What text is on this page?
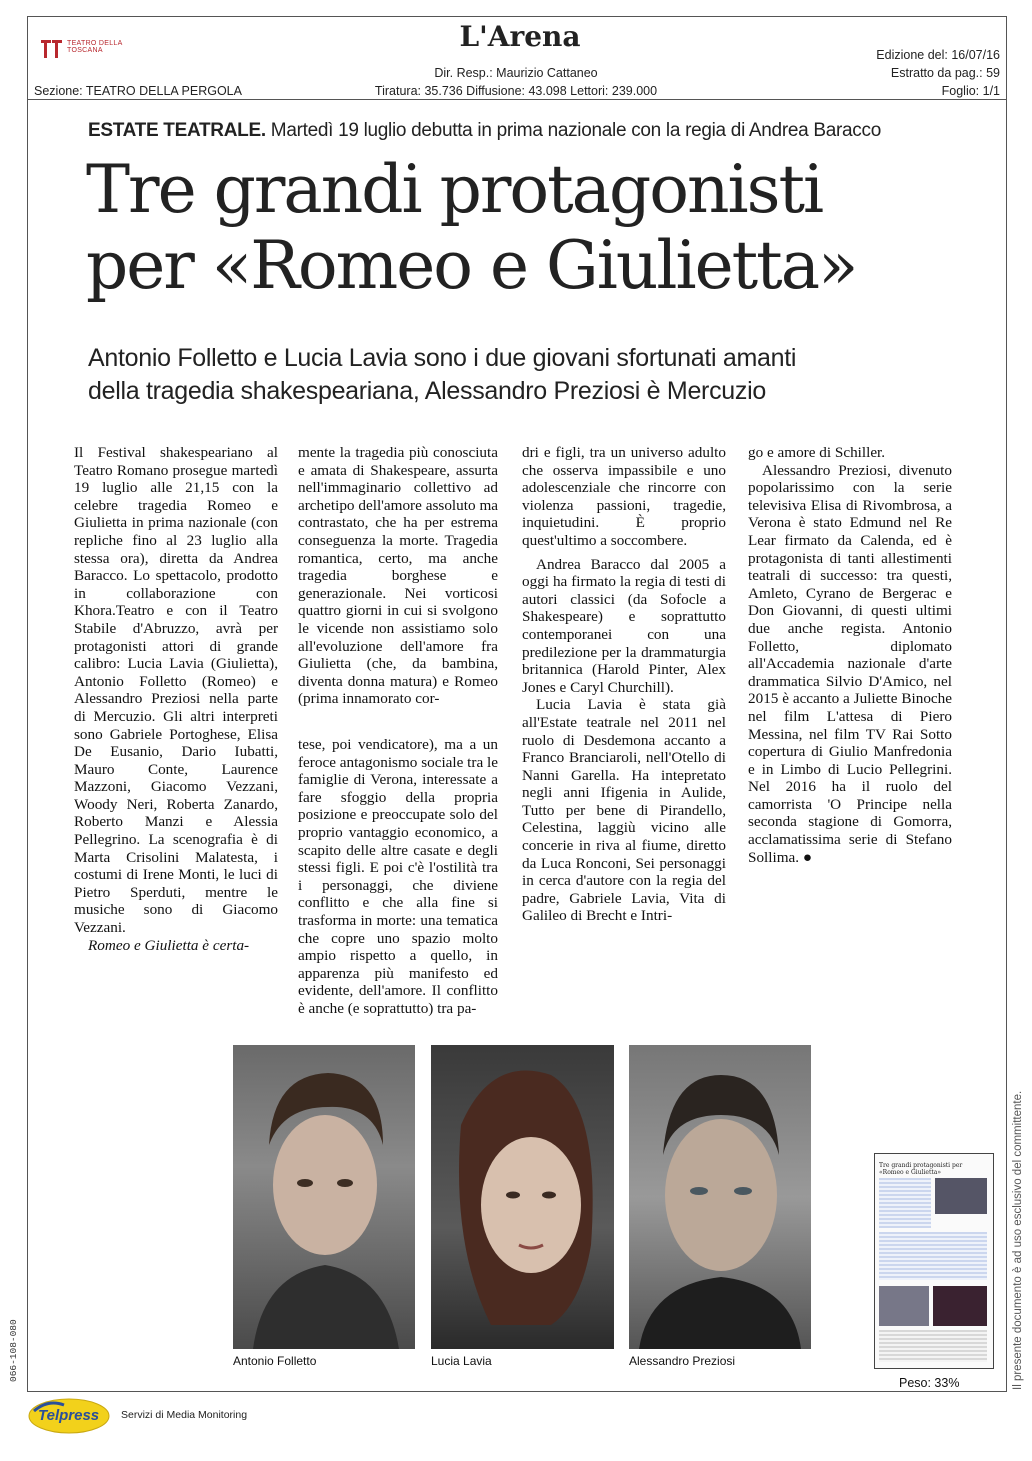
TEATRO DELLA TOSCANA	L'Arena
Dir. Resp.: Maurizio Cattaneo
Tiratura: 35.736 Diffusione: 43.098 Lettori: 239.000
Sezione: TEATRO DELLA PERGOLA
Edizione del: 16/07/16
Estratto da pag.: 59
Foglio: 1/1
ESTATE TEATRALE. Martedì 19 luglio debutta in prima nazionale con la regia di Andrea Baracco
Tre grandi protagonisti
per «Romeo e Giulietta»
Antonio Folletto e Lucia Lavia sono i due giovani sfortunati amanti
della tragedia shakespeariana, Alessandro Preziosi è Mercuzio

Il Festival shakespeariano al Teatro Romano prosegue martedì 19 luglio alle 21,15 con la celebre tragedia Romeo e Giulietta in prima nazionale (con repliche fino al 23 luglio alla stessa ora), diretta da Andrea Baracco. Lo spettacolo, prodotto in collaborazione con Khora.Teatro e con il Teatro Stabile d'Abruzzo, avrà per protagonisti attori di grande calibro: Lucia Lavia (Giulietta), Antonio Folletto (Romeo) e Alessandro Preziosi nella parte di Mercuzio. Gli altri interpreti sono Gabriele Portoghese, Elisa De Eusanio, Dario Iubatti, Mauro Conte, Laurence Mazzoni, Giacomo Vezzani, Woody Neri, Roberta Zanardo, Roberto Manzi e Alessia Pellegrino. La scenografia è di Marta Crisolini Malatesta, i costumi di Irene Monti, le luci di Pietro Sperduti, mentre le musiche sono di Giacomo Vezzani.

Romeo e Giulietta è certa-

mente la tragedia più conosciuta e amata di Shakespeare, assurta nell'immaginario collettivo ad archetipo dell'amore assoluto ma contrastato, che ha per estrema conseguenza la morte. Tragedia romantica, certo, ma anche tragedia borghese e generazionale. Nei vorticosi quattro giorni in cui si svolgono le vicende non assistiamo solo all'evoluzione dell'amore fra Giulietta (che, da bambina, diventa donna matura) e Romeo (prima innamorato cor-

tese, poi vendicatore), ma a un feroce antagonismo sociale tra le famiglie di Verona, interessate a fare sfoggio della propria posizione e preoccupate solo del proprio vantaggio economico, a scapito delle altre casate e degli stessi figli. E poi c'è l'ostilità tra i personaggi, che diviene conflitto e che alla fine si trasforma in morte: una tematica che copre uno spazio molto ampio rispetto a quello, in apparenza più manifesto ed evidente, dell'amore. Il conflitto è anche (e soprattutto) tra pa-

dri e figli, tra un universo adulto che osserva impassibile e uno adolescenziale che rincorre con violenza passioni, tragedie, inquietudini. È proprio quest'ultimo a soccombere.

Andrea Baracco dal 2005 a oggi ha firmato la regia di testi di autori classici (da Sofocle a Shakespeare) e soprattutto contemporanei con una predilezione per la drammaturgia britannica (Harold Pinter, Alex Jones e Caryl Churchill).

Lucia Lavia è stata già all'Estate teatrale nel 2011 nel ruolo di Desdemona accanto a Franco Branciaroli, nell'Otello di Nanni Garella. Ha intepretato negli anni Ifigenia in Aulide, Tutto per bene di Pirandello, Celestina, laggiù vicino alle concerie in riva al fiume, diretto da Luca Ronconi, Sei personaggi in cerca d'autore con la regia del padre, Gabriele Lavia, Vita di Galileo di Brecht e Intri-

go e amore di Schiller.

Alessandro Preziosi, divenuto popolarissimo con la serie televisiva Elisa di Rivombrosa, a Verona è stato Edmund nel Re Lear firmato da Calenda, ed è protagonista di tanti allestimenti teatrali di successo: tra questi, Amleto, Cyrano de Bergerac e Don Giovanni, di questi ultimi due anche regista. Antonio Folletto, diplomato all'Accademia nazionale d'arte drammatica Silvio D'Amico, nel 2015 è accanto a Juliette Binoche nel film L'attesa di Piero Messina, nel film TV Rai Sotto copertura di Giulio Manfredonia e in Limbo di Lucio Pellegrini. Nel 2016 ha il ruolo del camorrista 'O Principe nella seconda stagione di Gomorra, acclamatissima serie di Stefano Sollima. ●

Antonio Folletto	Lucia Lavia	Alessandro Preziosi
Tre grandi protagonisti per «Romeo e Giulietta»
Peso: 33%	Il presente documento è ad uso esclusivo del committente.
066-108-080
Telpress Servizi di Media Monitoring
